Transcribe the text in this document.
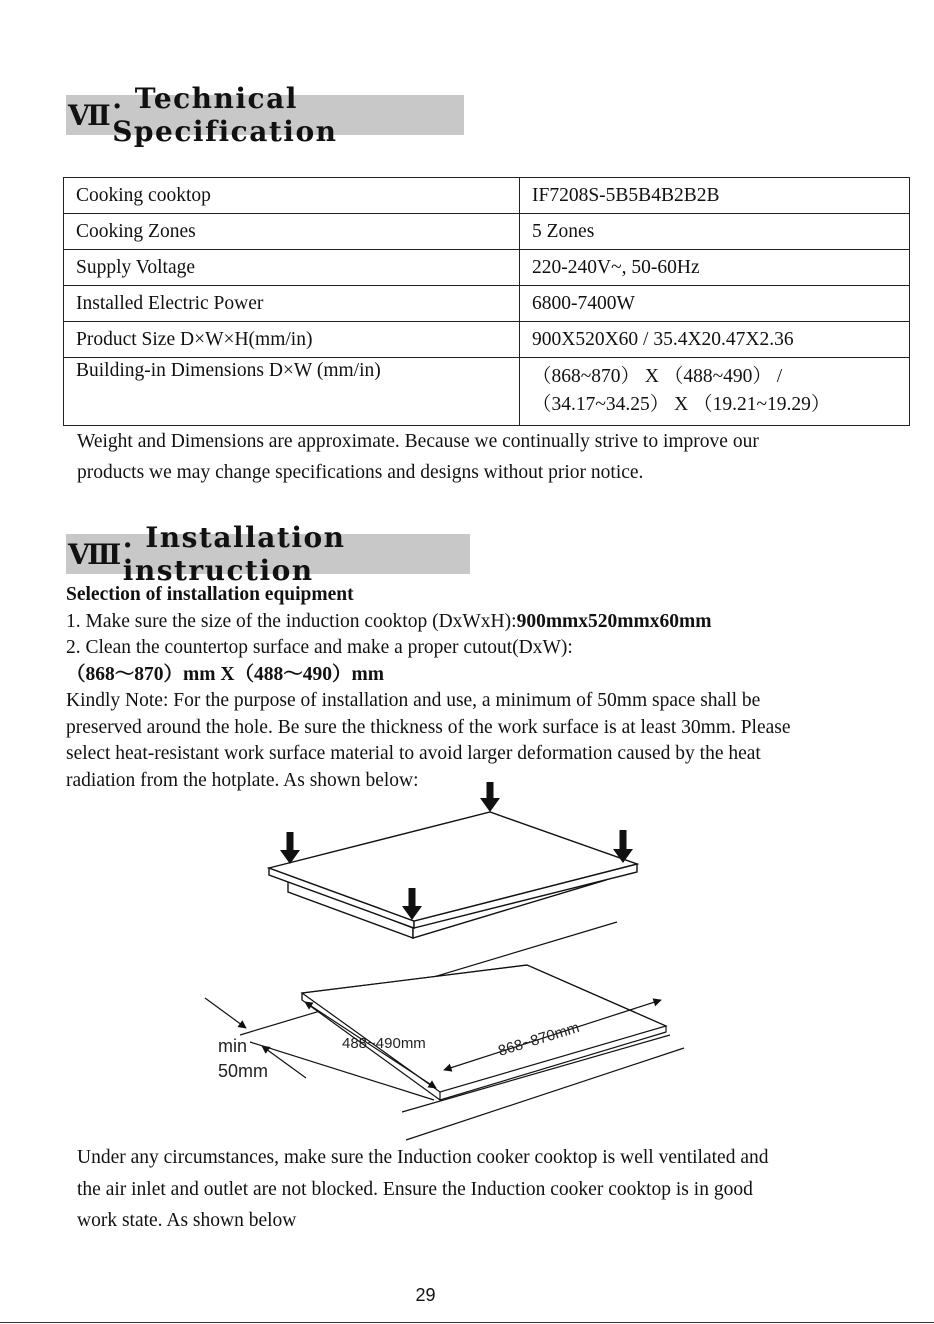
Ⅶ . Technical Specification
Cooking cooktop	IF7208S-5B5B4B2B2B
Cooking Zones	5 Zones
Supply Voltage	220-240V~, 50-60Hz
Installed Electric Power	6800-7400W
Product Size D×W×H(mm/in)	900X520X60 / 35.4X20.47X2.36
Building-in Dimensions D×W (mm/in)	（868~870） X （488~490） /
（34.17~34.25） X （19.21~19.29）

Weight and Dimensions are approximate. Because we continually strive to improve our

products we may change specifications and designs without prior notice.

Ⅷ . Installation instruction

Selection of installation equipment

1. Make sure the size of the induction cooktop (DxWxH):900mmx520mmx60mm

2. Clean the countertop surface and make a proper cutout(DxW):

（868～870）mm X（488～490）mm

Kindly Note: For the purpose of installation and use, a minimum of 50mm space shall be

preserved around the hole. Be sure the thickness of the work surface is at least 30mm. Please

select heat-resistant work surface material to avoid larger deformation caused by the heat

radiation from the hotplate. As shown below:

488~490mm	868~870mm
min
50mm

Under any circumstances, make sure the Induction cooker cooktop is well ventilated and

the air inlet and outlet are not blocked. Ensure the Induction cooker cooktop is in good

work state. As shown below

29
